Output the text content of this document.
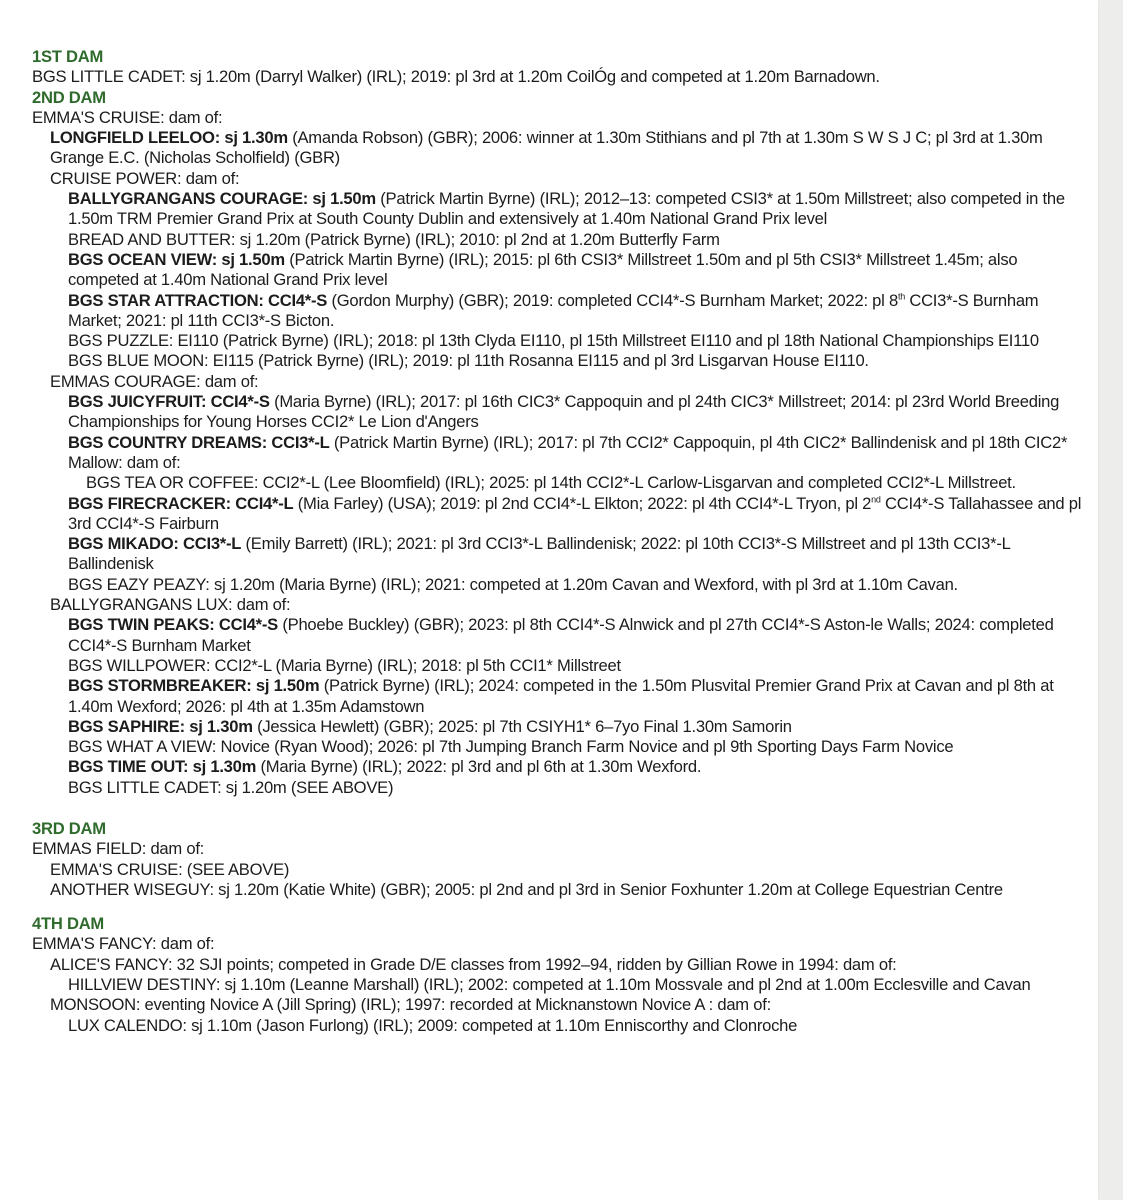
1ST DAM
BGS LITTLE CADET: sj 1.20m (Darryl Walker) (IRL); 2019: pl 3rd at 1.20m CoilÓg and competed at 1.20m Barnadown.
2ND DAM
EMMA'S CRUISE: dam of:
LONGFIELD LEELOO: sj 1.30m (Amanda Robson) (GBR); 2006: winner at 1.30m Stithians and pl 7th at 1.30m S W S J C; pl 3rd at 1.30m Grange E.C. (Nicholas Scholfield) (GBR)
CRUISE POWER: dam of:
BALLYGRANGANS COURAGE: sj 1.50m (Patrick Martin Byrne) (IRL); 2012–13: competed CSI3* at 1.50m Millstreet; also competed in the 1.50m TRM Premier Grand Prix at South County Dublin and extensively at 1.40m National Grand Prix level
BREAD AND BUTTER: sj 1.20m (Patrick Byrne) (IRL); 2010: pl 2nd at 1.20m Butterfly Farm
BGS OCEAN VIEW: sj 1.50m (Patrick Martin Byrne) (IRL); 2015: pl 6th CSI3* Millstreet 1.50m and pl 5th CSI3* Millstreet 1.45m; also competed at 1.40m National Grand Prix level
BGS STAR ATTRACTION: CCI4*-S (Gordon Murphy) (GBR); 2019: completed CCI4*-S Burnham Market; 2022: pl 8th CCI3*-S Burnham Market; 2021: pl 11th CCI3*-S Bicton.
BGS PUZZLE: EI110 (Patrick Byrne) (IRL); 2018: pl 13th Clyda EI110, pl 15th Millstreet EI110 and pl 18th National Championships EI110
BGS BLUE MOON: EI115 (Patrick Byrne) (IRL); 2019: pl 11th Rosanna EI115 and pl 3rd Lisgarvan House EI110.
EMMAS COURAGE: dam of:
BGS JUICYFRUIT: CCI4*-S (Maria Byrne) (IRL); 2017: pl 16th CIC3* Cappoquin and pl 24th CIC3* Millstreet; 2014: pl 23rd World Breeding Championships for Young Horses CCI2* Le Lion d'Angers
BGS COUNTRY DREAMS: CCI3*-L (Patrick Martin Byrne) (IRL); 2017: pl 7th CCI2* Cappoquin, pl 4th CIC2* Ballindenisk and pl 18th CIC2* Mallow: dam of:
BGS TEA OR COFFEE: CCI2*-L (Lee Bloomfield) (IRL); 2025: pl 14th CCI2*-L Carlow-Lisgarvan and completed CCI2*-L Millstreet.
BGS FIRECRACKER: CCI4*-L (Mia Farley) (USA); 2019: pl 2nd CCI4*-L Elkton; 2022: pl 4th CCI4*-L Tryon, pl 2nd CCI4*-S Tallahassee and pl 3rd CCI4*-S Fairburn
BGS MIKADO: CCI3*-L (Emily Barrett) (IRL); 2021: pl 3rd CCI3*-L Ballindenisk; 2022: pl 10th CCI3*-S Millstreet and pl 13th CCI3*-L Ballindenisk
BGS EAZY PEAZY: sj 1.20m (Maria Byrne) (IRL); 2021: competed at 1.20m Cavan and Wexford, with pl 3rd at 1.10m Cavan.
BALLYGRANGANS LUX: dam of:
BGS TWIN PEAKS: CCI4*-S (Phoebe Buckley) (GBR); 2023: pl 8th CCI4*-S Alnwick and pl 27th CCI4*-S Aston-le Walls; 2024: completed CCI4*-S Burnham Market
BGS WILLPOWER: CCI2*-L (Maria Byrne) (IRL); 2018: pl 5th CCI1* Millstreet
BGS STORMBREAKER: sj 1.50m (Patrick Byrne) (IRL); 2024: competed in the 1.50m Plusvital Premier Grand Prix at Cavan and pl 8th at 1.40m Wexford; 2026: pl 4th at 1.35m Adamstown
BGS SAPHIRE: sj 1.30m (Jessica Hewlett) (GBR); 2025: pl 7th CSIYH1* 6–7yo Final 1.30m Samorin
BGS WHAT A VIEW: Novice (Ryan Wood); 2026: pl 7th Jumping Branch Farm Novice and pl 9th Sporting Days Farm Novice
BGS TIME OUT: sj 1.30m (Maria Byrne) (IRL); 2022: pl 3rd and pl 6th at 1.30m Wexford.
BGS LITTLE CADET: sj 1.20m (SEE ABOVE)
3RD DAM
EMMAS FIELD: dam of:
EMMA'S CRUISE: (SEE ABOVE)
ANOTHER WISEGUY: sj 1.20m (Katie White) (GBR); 2005: pl 2nd and pl 3rd in Senior Foxhunter 1.20m at College Equestrian Centre
4TH DAM
EMMA'S FANCY: dam of:
ALICE'S FANCY: 32 SJI points; competed in Grade D/E classes from 1992–94, ridden by Gillian Rowe in 1994: dam of:
HILLVIEW DESTINY: sj 1.10m (Leanne Marshall) (IRL); 2002: competed at 1.10m Mossvale and pl 2nd at 1.00m Ecclesville and Cavan
MONSOON: eventing Novice A (Jill Spring) (IRL); 1997: recorded at Micknanstown Novice A : dam of:
LUX CALENDO: sj 1.10m (Jason Furlong) (IRL); 2009: competed at 1.10m Enniscorthy and Clonroche
